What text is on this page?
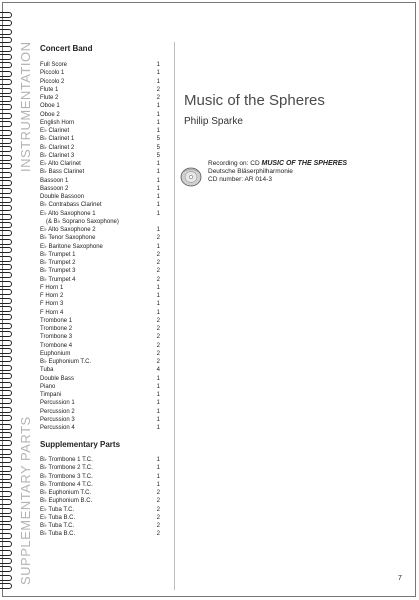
INSTRUMENTATION
SUPPLEMENTARY PARTS
Concert Band
Full Score	1
Piccolo 1	1
Piccolo 2	1
Flute 1	2
Flute 2	2
Oboe 1	1
Oboe 2	1
English Horn	1
E♭ Clarinet	1
B♭ Clarinet 1	5
B♭ Clarinet 2	5
B♭ Clarinet 3	5
E♭ Alto Clarinet	1
B♭ Bass Clarinet	1
Bassoon 1	1
Bassoon 2	1
Double Bassoon	1
B♭ Contrabass Clarinet	1
E♭ Alto Saxophone 1	1
(& B♭ Soprano Saxophone)
E♭ Alto Saxophone 2	1
B♭ Tenor Saxophone	2
E♭ Baritone Saxophone	1
B♭ Trumpet 1	2
B♭ Trumpet 2	2
B♭ Trumpet 3	2
B♭ Trumpet 4	2
F Horn 1	1
F Horn 2	1
F Horn 3	1
F Horn 4	1
Trombone 1	2
Trombone 2	2
Trombone 3	2
Trombone 4	2
Euphonium	2
B♭ Euphonium T.C.	2
Tuba	4
Double Bass	1
Piano	1
Timpani	1
Percussion 1	1
Percussion 2	1
Percussion 3	1
Percussion 4	1
Supplementary Parts
B♭ Trombone 1 T.C.	1
B♭ Trombone 2 T.C.	1
B♭ Trombone 3 T.C.	1
B♭ Trombone 4 T.C.	1
B♭ Euphonium T.C.	2
B♭ Euphonium B.C.	2
E♭ Tuba T.C.	2
E♭ Tuba B.C.	2
B♭ Tuba T.C.	2
B♭ Tuba B.C.	2
Music of the Spheres
Philip Sparke
Recording on: CD MUSIC OF THE SPHERES
Deutsche Bläserphilharmonie
CD number: AR 014-3
7
